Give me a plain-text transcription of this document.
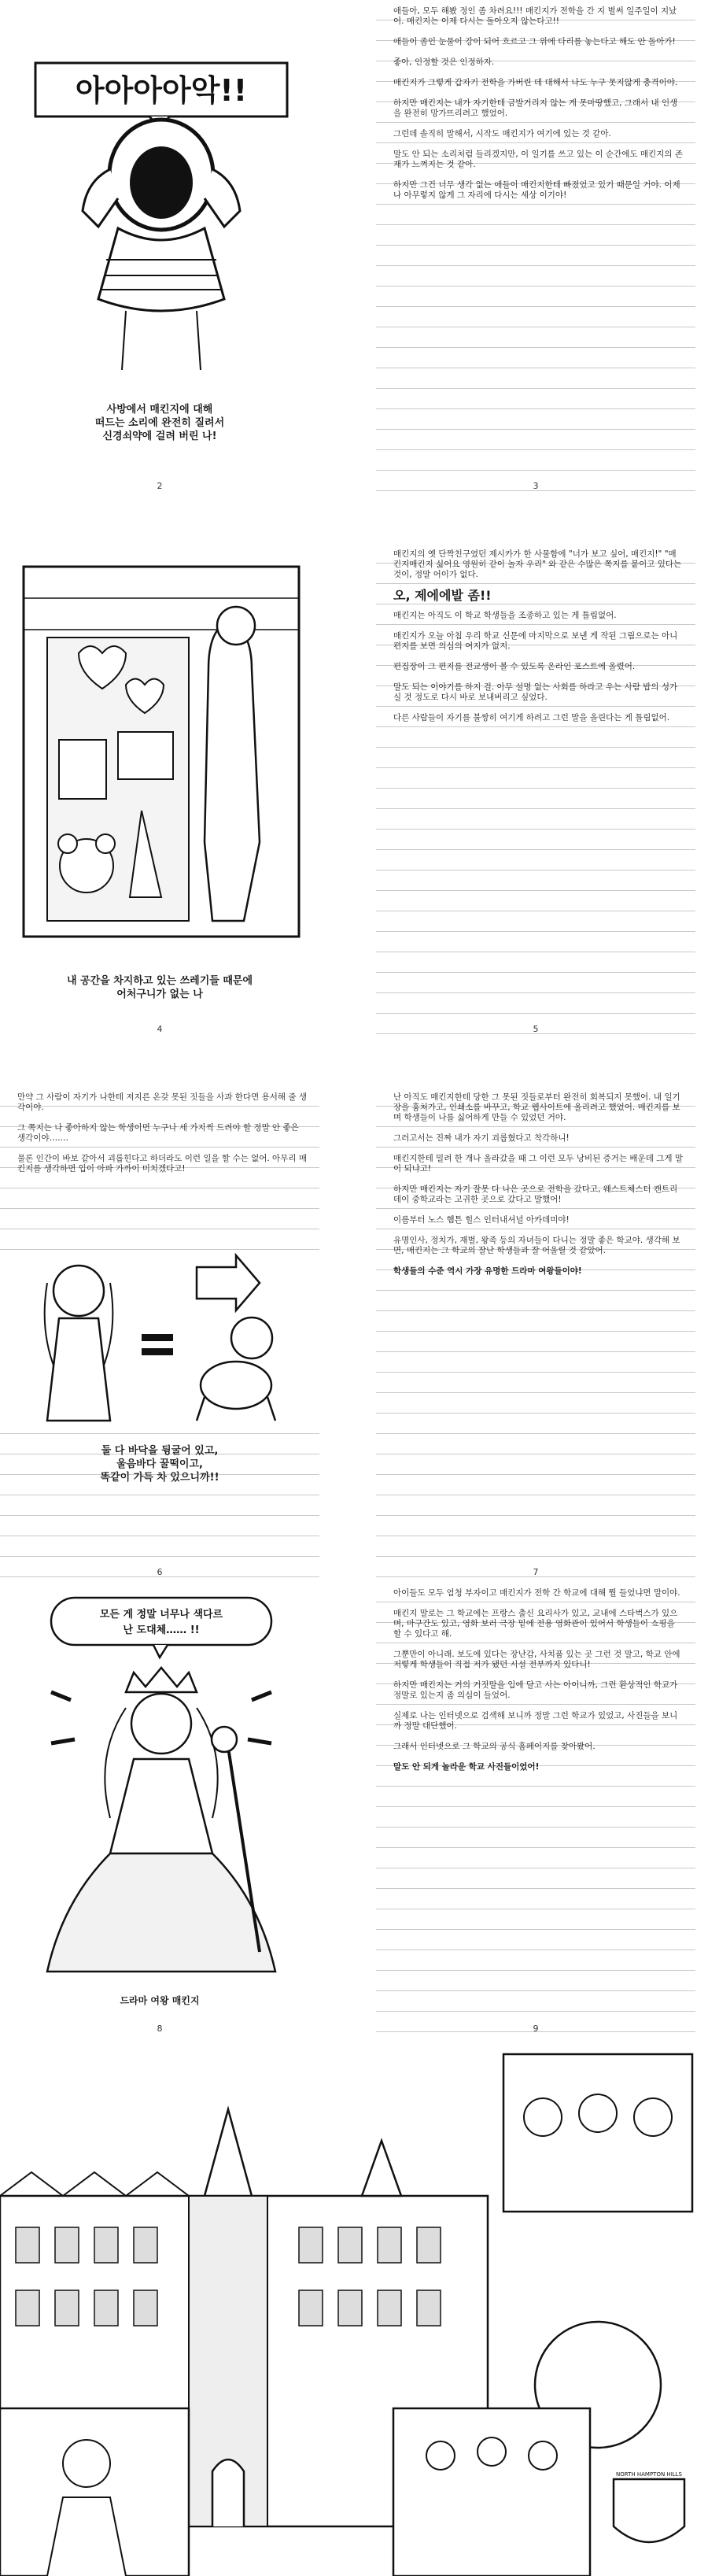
아아아아악!!
사방에서 매킨지에 대해
떠드는 소리에 완전히 질려서
신경쇠약에 걸려 버린 나!
2

애들아, 모두 해봤 정인 좀 차려요!!! 매킨지가 전학을 간 지 벌써 일주일이 지났어. 매킨지는 이제 다시는 돌아오지 않는다고!!

애들이 좀인 눈물이 강이 되어 흐르고 그 위에 다리를 놓는다고 해도 안 돌아가!

좋아, 인정할 것은 인정하자.

매킨지가 그렇게 갑자기 전학을 가버린 데 대해서 나도 누구 못지않게 충격이야.

하지만 매킨지는 내가 자기한테 금발거리지 않는 게 못마땅했고, 그래서 내 인생을 완전히 망가뜨리려고 했었어.

그런데 솔직히 말해서, 시작도 매킨지가 여기에 있는 것 같아.

말도 안 되는 소리처럼 들리겠지만, 이 일기를 쓰고 있는 이 순간에도 매킨지의 존재가 느껴지는 것 같아.

하지만 그건 너무 생각 없는 애들이 매킨지한테 빠졌었고 있기 때문일 거야. 이제 나 아무렇지 않게 그 자리에 다시는 세상 이기야!

3
내 공간을 차지하고 있는 쓰레기들 때문에
어처구니가 없는 나
4

매킨지의 옛 단짝친구였던 제시카가 한 사물함에 "너가 보고 싶어, 매킨지!" "매킨지매킨지 싫어요 영원히 같이 놀자 우리" 와 같은 수많은 쪽지를 붙이고 있다는 것이, 정말 어이가 없다.

오, 제에에발 좀!!

매킨지는 아직도 이 학교 학생들을 조종하고 있는 게 틀림없어.

매킨지가 오늘 아침 우리 학교 신문에 마지막으로 보낸 게 작된 그림으로는 아니 편지를 보면 의심의 여지가 없지.

편집장이 그 편지를 전교생이 볼 수 있도록 온라인 포스트에 올렸어.

말도 되는 이야기를 하지 걸. 아무 설명 없는 사회를 하라고 우는 사람 밥의 성가실 것 정도로 다시 바로 보내버리고 싶었다.

다른 사람들이 자기를 불쌍히 여기게 하려고 그런 말을 올린다는 게 틀림없어.

5

만약 그 사람이 자기가 나한테 저지른 온갖 못된 짓들을 사과 한다면 용서해 줄 생각이야.

그 쪽지는 나 좋아하지 않는 학생이면 누구나 세 가지씩 드려야 할 정말 안 좋은 생각이야…….

물론 인간이 바보 같아서 괴롭힌다고 하더라도 이런 일을 할 수는 없어. 아무리 매킨지를 생각하면 입이 아파 가까이 미치겠다고!

둘 다 바닥을 뒹굴어 있고,
울음바다 꿀떡이고,
똑같이 가득 차 있으니까!!
6

난 아직도 매킨지한테 당한 그 못된 짓들로부터 완전히 회복되지 못했어. 내 일기장을 훔쳐가고, 인쇄소를 바꾸고, 학교 웹사이트에 올리려고 했었어. 매킨지를 보며 학생들이 나를 싫어하게 만들 수 있었던 거야.

그러고서는 진짜 내가 자기 괴롭혔다고 착각하니!

매킨지한테 밀려 한 개나 올라갔을 때 그 이런 모두 낭비된 증거는 배운데 그게 말이 되냐고!

하지만 매킨지는 자기 잘못 다 나은 곳으로 전학을 갔다고, 웨스트체스터 캔트리 데이 중학교라는 고귀한 곳으로 갔다고 말했어!

이름부터 노스 햄튼 힐스 인터내셔널 아카데미야!

유명인사, 정치가, 재벌, 왕족 등의 자녀들이 다니는 정말 좋은 학교야. 생각해 보면, 매킨지는 그 학교의 잘난 학생들과 잘 어울릴 것 같았어.

학생들의 수준 역시 가장 유명한 드라마 여왕들이야!

7
모든 게 정말 너무나 색다르
난 도대체…… !!
드라마 여왕 매킨지
8

아이들도 모두 엄청 부자이고 매킨지가 전학 간 학교에 대해 뭘 들었냐면 말이야.

매킨지 말로는 그 학교에는 프랑스 출신 요리사가 있고, 교내에 스타벅스가 있으며, 마구간도 있고, 영화 보러 극장 밑에 전용 영화관이 있어서 학생들이 쇼핑을 할 수 있다고 해.

그뿐만이 아니래. 보도에 있다는 장난감, 사치품 있는 곳 그런 것 말고, 학교 안에 저렇게 학생들이 직접 저가 됐던 시설 전부까지 있다니!

하지만 매킨지는 거의 거짓말을 입에 달고 사는 아이니까, 그런 환상적인 학교가 정말로 있는지 좀 의심이 들었어.

실제로 나는 인터넷으로 검색해 보니까 정말 그런 학교가 있었고, 사진들을 보니까 정말 대단했어.

그래서 인터넷으로 그 학교의 공식 홈페이지를 찾아봤어.

말도 안 되게 놀라운 학교 사진들이었어!

9
NORTH HAMPTON HILLS
